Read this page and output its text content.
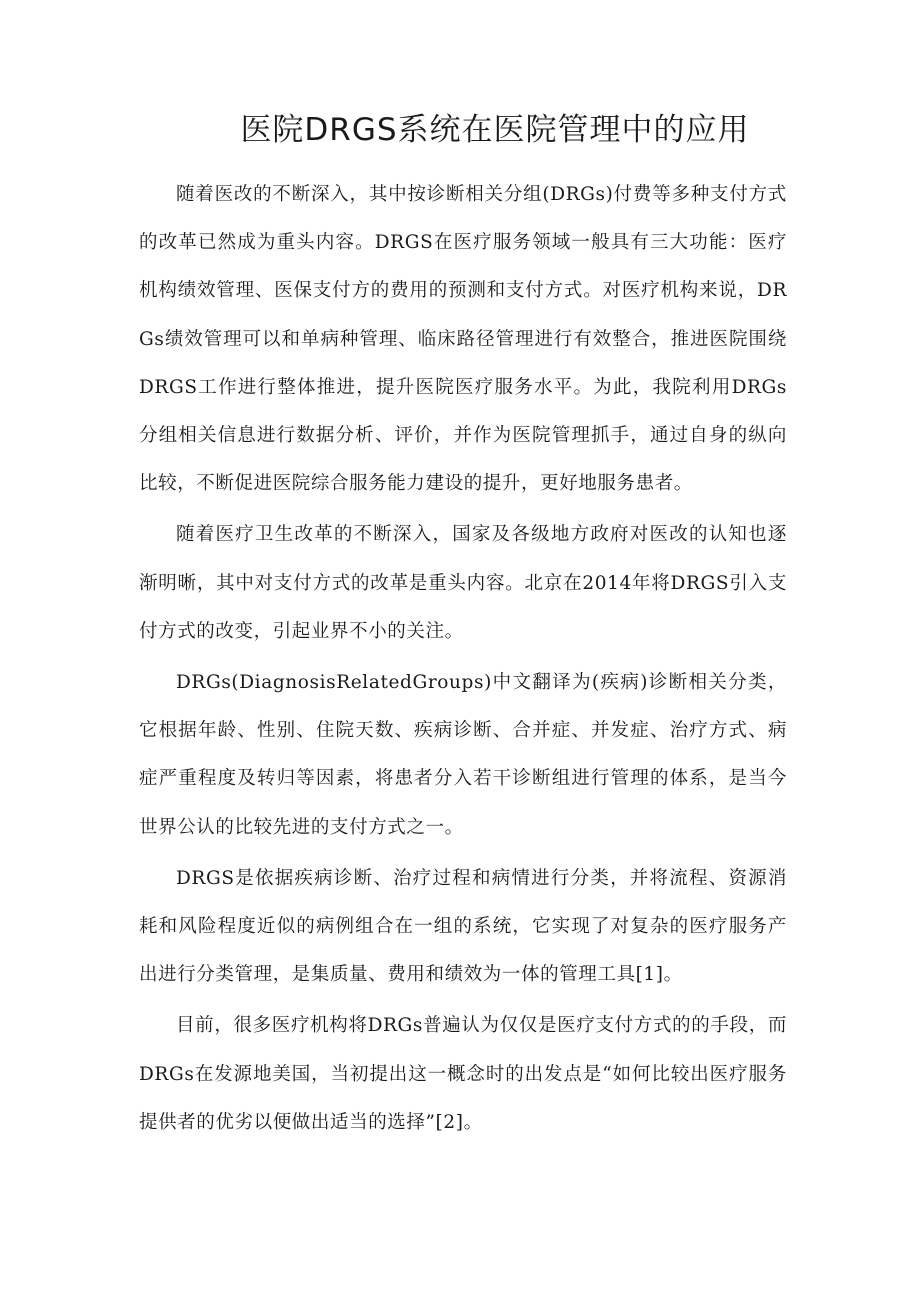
医院DRGS系统在医院管理中的应用

随着医改的不断深入，其中按诊断相关分组(DRGs)付费等多种支付方式的改革已然成为重头内容。DRGS在医疗服务领域一般具有三大功能：医疗机构绩效管理、医保支付方的费用的预测和支付方式。对医疗机构来说，DRGs绩效管理可以和单病种管理、临床路径管理进行有效整合，推进医院围绕DRGS工作进行整体推进，提升医院医疗服务水平。为此，我院利用DRGs分组相关信息进行数据分析、评价，并作为医院管理抓手，通过自身的纵向比较，不断促进医院综合服务能力建设的提升，更好地服务患者。

随着医疗卫生改革的不断深入，国家及各级地方政府对医改的认知也逐渐明晰，其中对支付方式的改革是重头内容。北京在2014年将DRGS引入支付方式的改变，引起业界不小的关注。

DRGs(DiagnosisRelatedGroups)中文翻译为(疾病)诊断相关分类，它根据年龄、性别、住院天数、疾病诊断、合并症、并发症、治疗方式、病症严重程度及转归等因素，将患者分入若干诊断组进行管理的体系，是当今世界公认的比较先进的支付方式之一。

DRGS是依据疾病诊断、治疗过程和病情进行分类，并将流程、资源消耗和风险程度近似的病例组合在一组的系统，它实现了对复杂的医疗服务产出进行分类管理，是集质量、费用和绩效为一体的管理工具[1]。

目前，很多医疗机构将DRGs普遍认为仅仅是医疗支付方式的的手段，而DRGs在发源地美国，当初提出这一概念时的出发点是“如何比较出医疗服务提供者的优劣以便做出适当的选择”[2]。
